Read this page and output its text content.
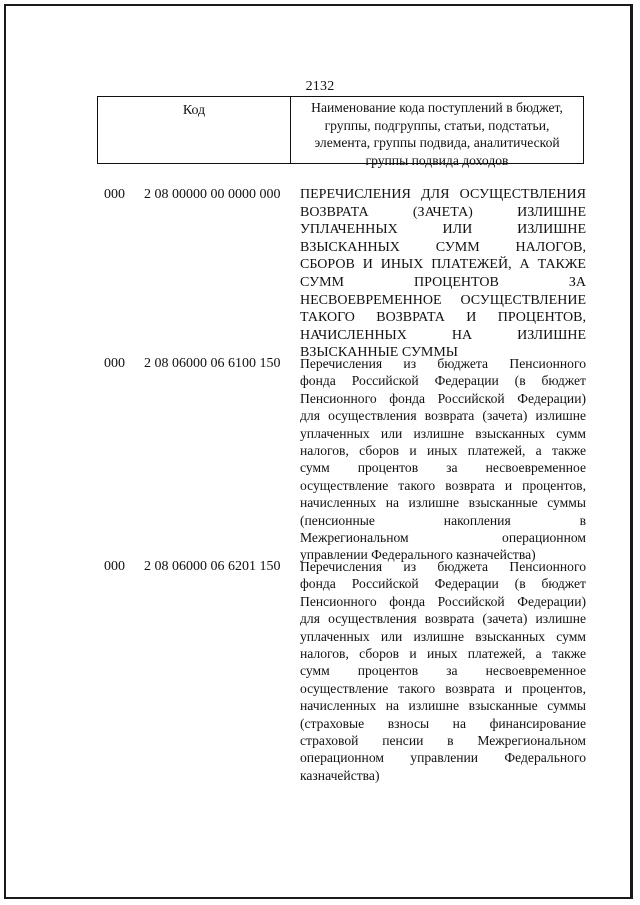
2132
Код	Наименование кода поступлений в бюджет,
группы, подгруппы, статьи, подстатьи,
элемента, группы подвида, аналитической
группы подвида доходов
000 2 08 00000 00 0000 000 ПЕРЕЧИСЛЕНИЯ ДЛЯ ОСУЩЕСТВЛЕНИЯ
ВОЗВРАТА (ЗАЧЕТА) ИЗЛИШНЕ
УПЛАЧЕННЫХ ИЛИ ИЗЛИШНЕ
ВЗЫСКАННЫХ СУММ НАЛОГОВ,
СБОРОВ И ИНЫХ ПЛАТЕЖЕЙ, А ТАКЖЕ
СУММ ПРОЦЕНТОВ ЗА
НЕСВОЕВРЕМЕННОЕ ОСУЩЕСТВЛЕНИЕ
ТАКОГО ВОЗВРАТА И ПРОЦЕНТОВ,
НАЧИСЛЕННЫХ НА ИЗЛИШНЕ
ВЗЫСКАННЫЕ СУММЫ
000 2 08 06000 06 6100 150 Перечисления из бюджета Пенсионного
фонда Российской Федерации (в бюджет
Пенсионного фонда Российской Федерации)
для осуществления возврата (зачета) излишне
уплаченных или излишне взысканных сумм
налогов, сборов и иных платежей, а также
сумм процентов за несвоевременное
осуществление такого возврата и процентов,
начисленных на излишне взысканные суммы
(пенсионные накопления в
Межрегиональном операционном
управлении Федерального казначейства)
000 2 08 06000 06 6201 150 Перечисления из бюджета Пенсионного
фонда Российской Федерации (в бюджет
Пенсионного фонда Российской Федерации)
для осуществления возврата (зачета) излишне
уплаченных или излишне взысканных сумм
налогов, сборов и иных платежей, а также
сумм процентов за несвоевременное
осуществление такого возврата и процентов,
начисленных на излишне взысканные суммы
(страховые взносы на финансирование
страховой пенсии в Межрегиональном
операционном управлении Федерального
казначейства)
